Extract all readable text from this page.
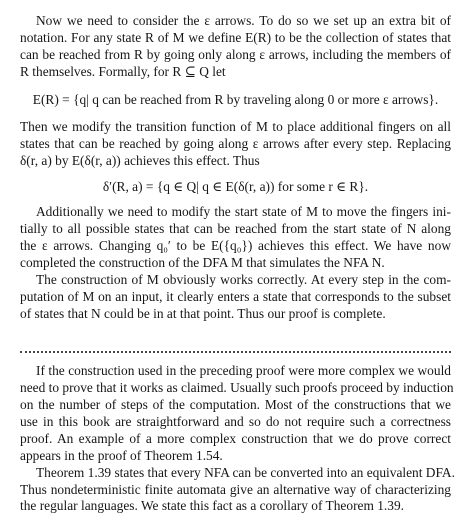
Now we need to consider the ε arrows. To do so we set up an extra bit of
notation. For any state R of M we define E(R) to be the collection of states that
can be reached from R by going only along ε arrows, including the members of
R themselves. Formally, for R ⊆ Q let
E(R) = {q| q can be reached from R by traveling along 0 or more ε arrows}.
Then we modify the transition function of M to place additional fingers on all
states that can be reached by going along ε arrows after every step. Replacing
δ(r, a) by E(δ(r, a)) achieves this effect. Thus
δ′(R, a) = {q ∈ Q| q ∈ E(δ(r, a)) for some r ∈ R}.
Additionally we need to modify the start state of M to move the fingers ini-
tially to all possible states that can be reached from the start state of N along
the ε arrows. Changing q₀′ to be E({q₀}) achieves this effect. We have now
completed the construction of the DFA M that simulates the NFA N.
The construction of M obviously works correctly. At every step in the com-
putation of M on an input, it clearly enters a state that corresponds to the subset
of states that N could be in at that point. Thus our proof is complete.
If the construction used in the preceding proof were more complex we would
need to prove that it works as claimed. Usually such proofs proceed by induction
on the number of steps of the computation. Most of the constructions that we
use in this book are straightforward and so do not require such a correctness
proof. An example of a more complex construction that we do prove correct
appears in the proof of Theorem 1.54.
Theorem 1.39 states that every NFA can be converted into an equivalent DFA.
Thus nondeterministic finite automata give an alternative way of characterizing
the regular languages. We state this fact as a corollary of Theorem 1.39.
